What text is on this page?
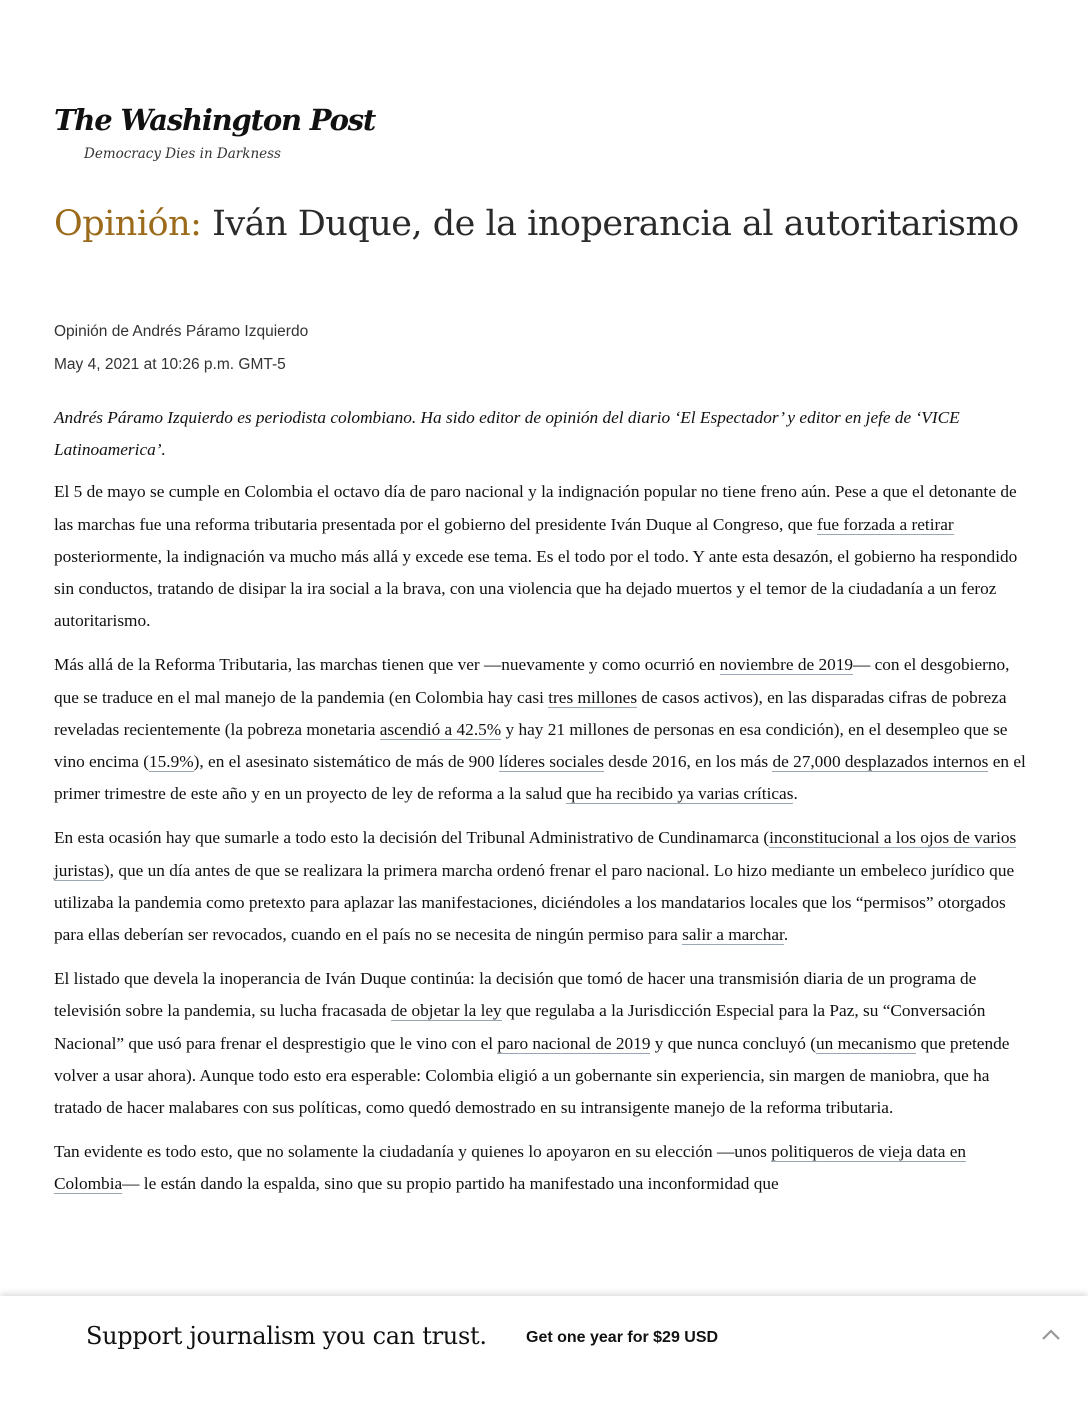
The Washington Post
Democracy Dies in Darkness
Opinión: Iván Duque, de la inoperancia al autoritarismo
Opinión de Andrés Páramo Izquierdo
May 4, 2021 at 10:26 p.m. GMT-5

Andrés Páramo Izquierdo es periodista colombiano. Ha sido editor de opinión del diario ‘El Espectador’ y editor en jefe de ‘VICE Latinoamerica’.

El 5 de mayo se cumple en Colombia el octavo día de paro nacional y la indignación popular no tiene freno aún. Pese a que el detonante de las marchas fue una reforma tributaria presentada por el gobierno del presidente Iván Duque al Congreso, que fue forzada a retirar posteriormente, la indignación va mucho más allá y excede ese tema. Es el todo por el todo. Y ante esta desazón, el gobierno ha respondido sin conductos, tratando de disipar la ira social a la brava, con una violencia que ha dejado muertos y el temor de la ciudadanía a un feroz autoritarismo.

Más allá de la Reforma Tributaria, las marchas tienen que ver —nuevamente y como ocurrió en noviembre de 2019— con el desgobierno, que se traduce en el mal manejo de la pandemia (en Colombia hay casi tres millones de casos activos), en las disparadas cifras de pobreza reveladas recientemente (la pobreza monetaria ascendió a 42.5% y hay 21 millones de personas en esa condición), en el desempleo que se vino encima (15.9%), en el asesinato sistemático de más de 900 líderes sociales desde 2016, en los más de 27,000 desplazados internos en el primer trimestre de este año y en un proyecto de ley de reforma a la salud que ha recibido ya varias críticas.

En esta ocasión hay que sumarle a todo esto la decisión del Tribunal Administrativo de Cundinamarca (inconstitucional a los ojos de varios juristas), que un día antes de que se realizara la primera marcha ordenó frenar el paro nacional. Lo hizo mediante un embeleco jurídico que utilizaba la pandemia como pretexto para aplazar las manifestaciones, diciéndoles a los mandatarios locales que los “permisos” otorgados para ellas deberían ser revocados, cuando en el país no se necesita de ningún permiso para salir a marchar.

El listado que devela la inoperancia de Iván Duque continúa: la decisión que tomó de hacer una transmisión diaria de un programa de televisión sobre la pandemia, su lucha fracasada de objetar la ley que regulaba a la Jurisdicción Especial para la Paz, su “Conversación Nacional” que usó para frenar el desprestigio que le vino con el paro nacional de 2019 y que nunca concluyó (un mecanismo que pretende volver a usar ahora). Aunque todo esto era esperable: Colombia eligió a un gobernante sin experiencia, sin margen de maniobra, que ha tratado de hacer malabares con sus políticas, como quedó demostrado en su intransigente manejo de la reforma tributaria.

Tan evidente es todo esto, que no solamente la ciudadanía y quienes lo apoyaron en su elección —unos politiqueros de vieja data en Colombia— le están dando la espalda, sino que su propio partido ha manifestado una inconformidad que

Support journalism you can trust. Get one year for $29 USD
